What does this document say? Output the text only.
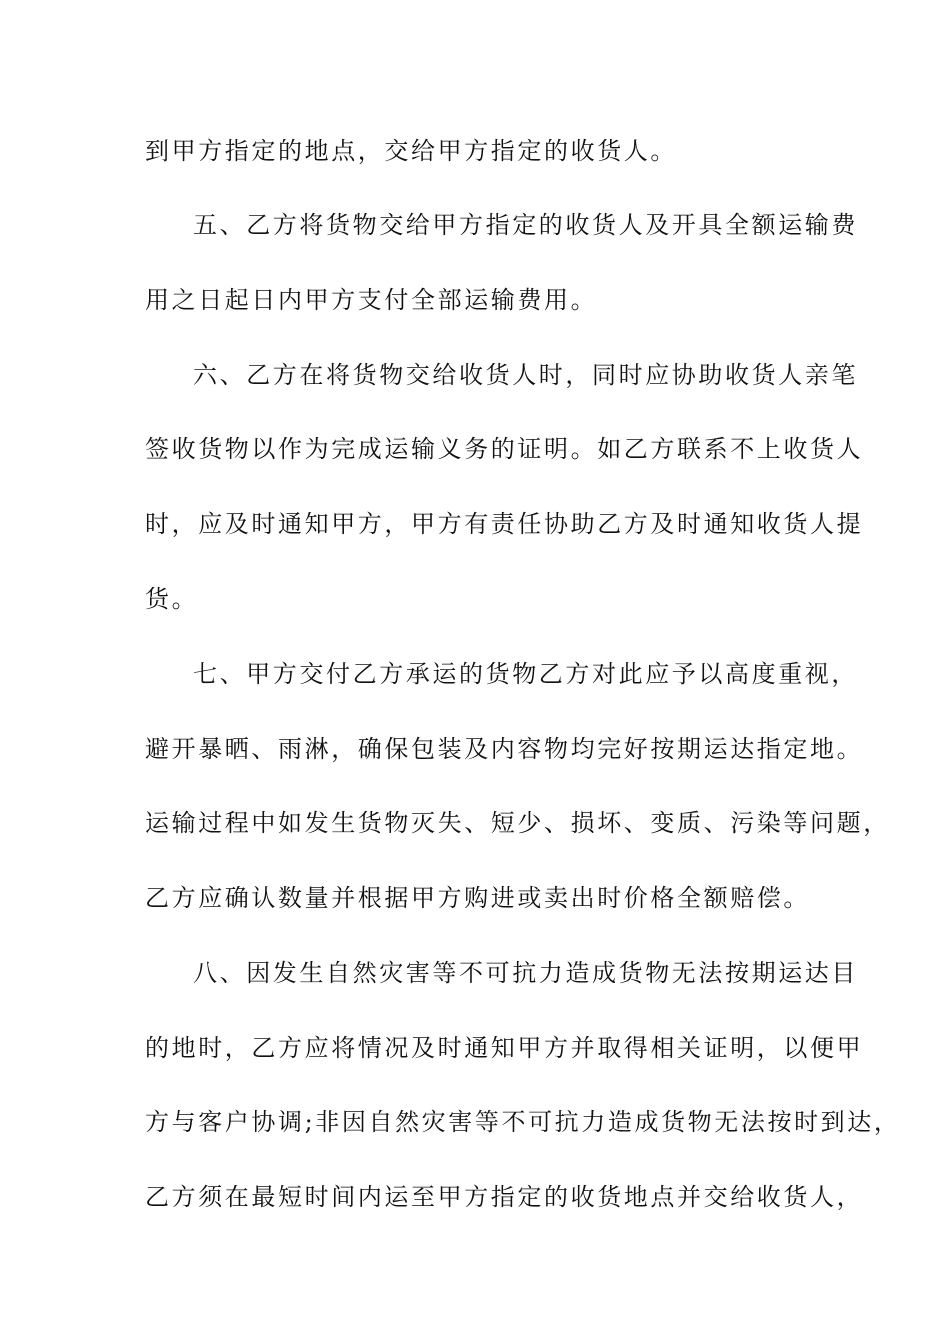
到甲方指定的地点，交给甲方指定的收货人。
五、乙方将货物交给甲方指定的收货人及开具全额运输费
用之日起日内甲方支付全部运输费用。
六、乙方在将货物交给收货人时，同时应协助收货人亲笔
签收货物以作为完成运输义务的证明。如乙方联系不上收货人
时，应及时通知甲方，甲方有责任协助乙方及时通知收货人提
货。
七、甲方交付乙方承运的货物乙方对此应予以高度重视，
避开暴晒、雨淋，确保包装及内容物均完好按期运达指定地。
运输过程中如发生货物灭失、短少、损坏、变质、污染等问题，
乙方应确认数量并根据甲方购进或卖出时价格全额赔偿。
八、因发生自然灾害等不可抗力造成货物无法按期运达目
的地时，乙方应将情况及时通知甲方并取得相关证明，以便甲
方与客户协调;非因自然灾害等不可抗力造成货物无法按时到达，
乙方须在最短时间内运至甲方指定的收货地点并交给收货人，
